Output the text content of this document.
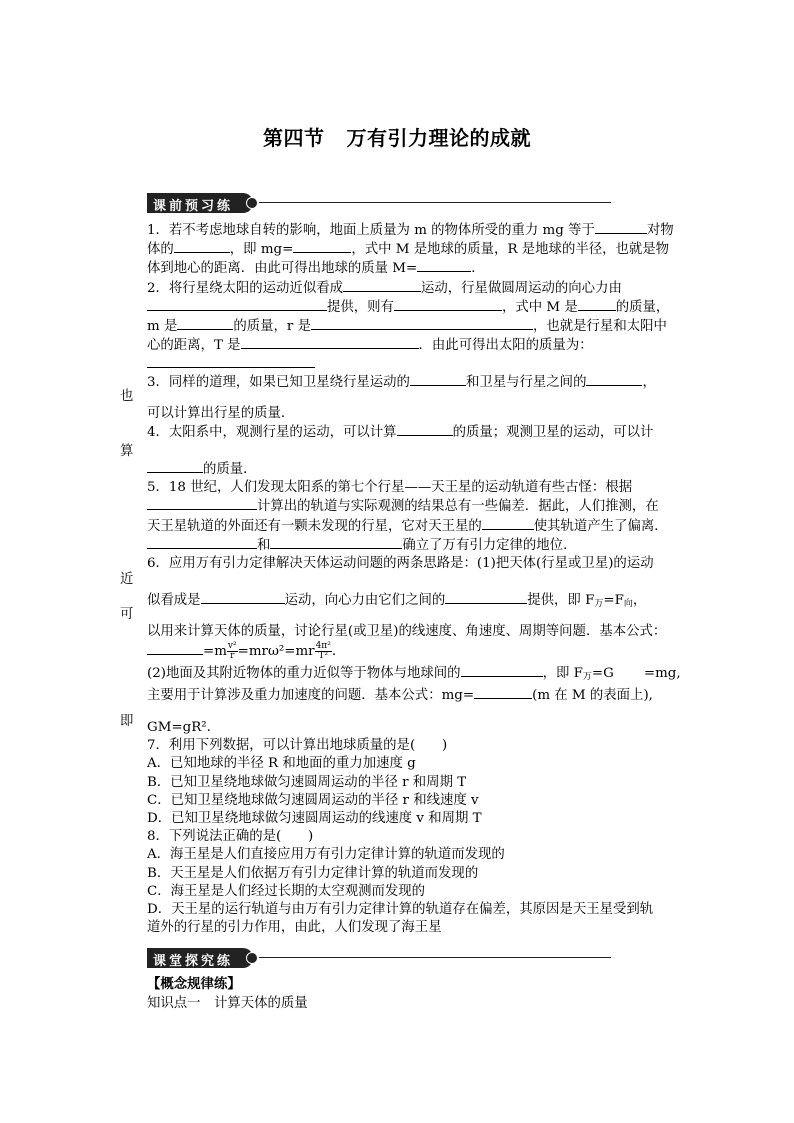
第四节 万有引力理论的成就
课前预习练
也
算
近
可
即

1．若不考虑地球自转的影响，地面上质量为 m 的物体所受的重力 mg 等于	对物

体的	，即 mg=	，式中 M 是地球的质量，R 是地球的半径，也就是物

体到地心的距离．由此可得出地球的质量 M=	．

2．将行星绕太阳的运动近似看成	运动，行星做圆周运动的向心力由

提供，则有	，式中 M 是	的质量，

m 是	的质量，r 是	，也就是行星和太阳中

心的距离，T 是	．由此可得出太阳的质量为：

3．同样的道理，如果已知卫星绕行星运动的	和卫星与行星之间的	，

可以计算出行星的质量．

4．太阳系中，观测行星的运动，可以计算	的质量；观测卫星的运动，可以计

的质量．

5．18 世纪，人们发现太阳系的第七个行星——天王星的运动轨道有些古怪：根据

计算出的轨道与实际观测的结果总有一些偏差．据此，人们推测，在

天王星轨道的外面还有一颗未发现的行星，它对天王星的	使其轨道产生了偏离．

和	确立了万有引力定律的地位．

6．应用万有引力定律解决天体运动问题的两条思路是：(1)把天体(行星或卫星)的运动

似看成是	运动，向心力由它们之间的	提供，即 $F_万=F_向$，

以用来计算天体的质量，讨论行星(或卫星)的线速度、角速度、周期等问题．基本公式：

$=m \frac{\text{v²}}{r} =mr\omega^2=mr \frac{\text{4π²}}{\text{T²}}$ .

(2)地面及其附近物体的重力近似等于物体与地球间的	，即 $F_万=G =mg$,

主要用于计算涉及重力加速度的问题．基本公式：mg=	(m 在 M 的表面上),

GM=gR².

7．利用下列数据，可以计算出地球质量的是(　　)

A．已知地球的半径 R 和地面的重力加速度 g

B．已知卫星绕地球做匀速圆周运动的半径 r 和周期 T

C．已知卫星绕地球做匀速圆周运动的半径 r 和线速度 v

D．已知卫星绕地球做匀速圆周运动的线速度 v 和周期 T

8．下列说法正确的是(　　)

A．海王星是人们直接应用万有引力定律计算的轨道而发现的

B．天王星是人们依据万有引力定律计算的轨道而发现的

C．海王星是人们经过长期的太空观测而发现的

D．天王星的运行轨道与由万有引力定律计算的轨道存在偏差，其原因是天王星受到轨

道外的行星的引力作用，由此，人们发现了海王星

课堂探究练
【概念规律练】
知识点一　计算天体的质量
